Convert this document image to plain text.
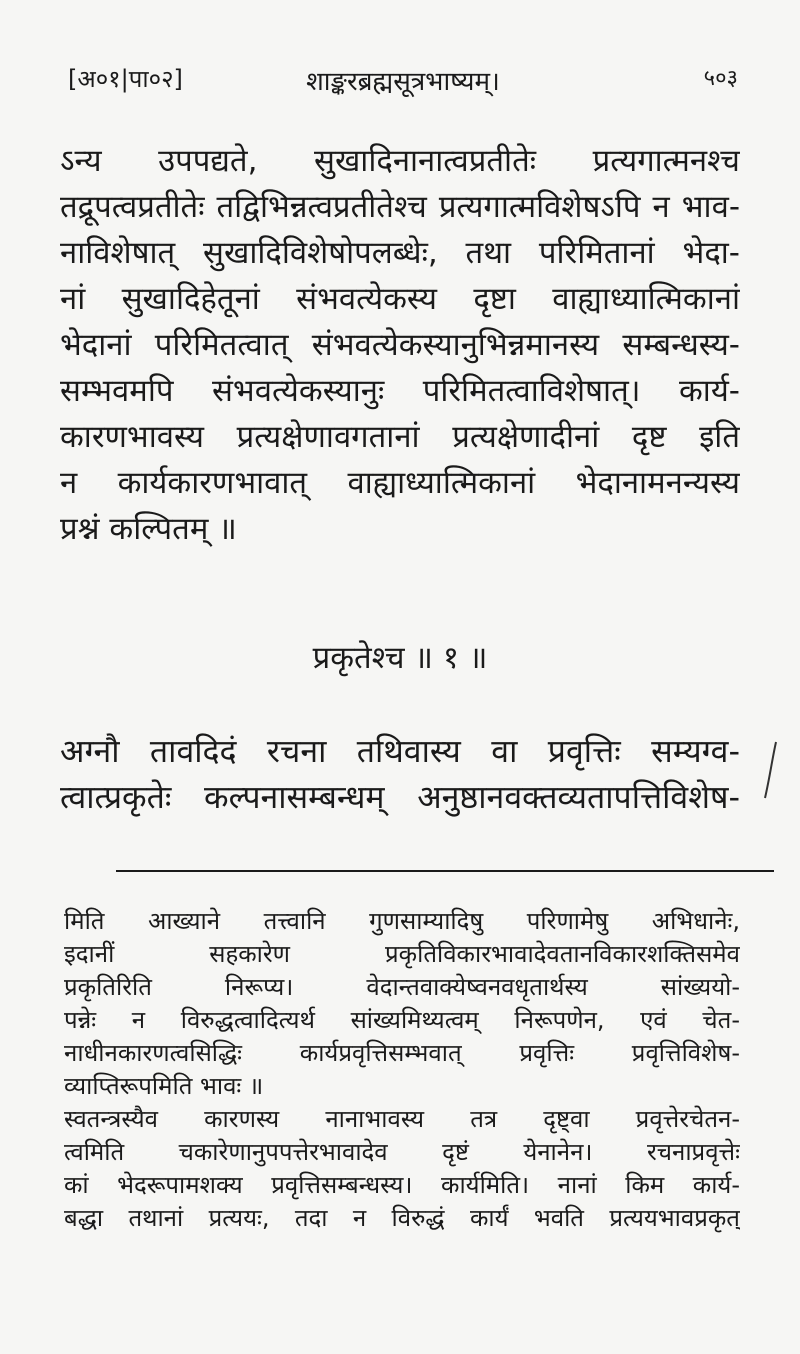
[अ०१|पा०२]	शाङ्करब्रह्मसूत्रभाष्यम्।	५०३
ऽन्य उपपद्यते, सुखादिनानात्वप्रतीतेः प्रत्यगात्मनश्च
तद्रूपत्वप्रतीतेः तद्विभिन्नत्वप्रतीतेश्च प्रत्यगात्मविशेषऽपि न भाव-
नाविशेषात् सुखादिविशेषोपलब्धेः, तथा परिमितानां भेदा-
नां सुखादिहेतूनां संभवत्येकस्य दृष्टा वाह्याध्यात्मिकानां
भेदानां परिमितत्वात् संभवत्येकस्यानुभिन्नमानस्य सम्बन्धस्य-
सम्भवमपि संभवत्येकस्यानुः परिमितत्वाविशेषात्। कार्य-
कारणभावस्य प्रत्यक्षेणावगतानां प्रत्यक्षेणादीनां दृष्ट इति
न कार्यकारणभावात् वाह्याध्यात्मिकानां भेदानामनन्यस्य
प्रश्नं कल्पितम् ॥
प्रकृतेश्च ॥ १ ॥
अग्नौ तावदिदं रचना तथिवास्य वा प्रवृत्तिः सम्यग्व-
त्वात्प्रकृतेः कल्पनासम्बन्धम् अनुष्ठानवक्तव्यतापत्तिविशेष-
मिति आख्याने तत्त्वानि गुणसाम्यादिषु परिणामेषु अभिधानेः,
इदानीं सहकारेण प्रकृतिविकारभावादेवतानविकारशक्तिसमेव
प्रकृतिरिति निरूप्य। वेदान्तवाक्येष्वनवधृतार्थस्य सांख्ययो-
पन्नेः न विरुद्धत्वादित्यर्थ सांख्यमिथ्यत्वम् निरूपणेन, एवं चेत-
नाधीनकारणत्वसिद्धिः कार्यप्रवृत्तिसम्भवात् प्रवृत्तिः प्रवृत्तिविशेष-
व्याप्तिरूपमिति भावः ॥
स्वतन्त्रस्यैव कारणस्य नानाभावस्य तत्र दृष्ट्वा प्रवृत्तेरचेतन-
त्वमिति चकारेणानुपपत्तेरभावादेव दृष्टं येनानेन। रचनाप्रवृत्तेः
कां भेदरूपामशक्य प्रवृत्तिसम्बन्धस्य। कार्यमिति। नानां किम कार्य-
बद्धा तथानां प्रत्ययः, तदा न विरुद्धं कार्यं भवति प्रत्ययभावप्रकृत्
